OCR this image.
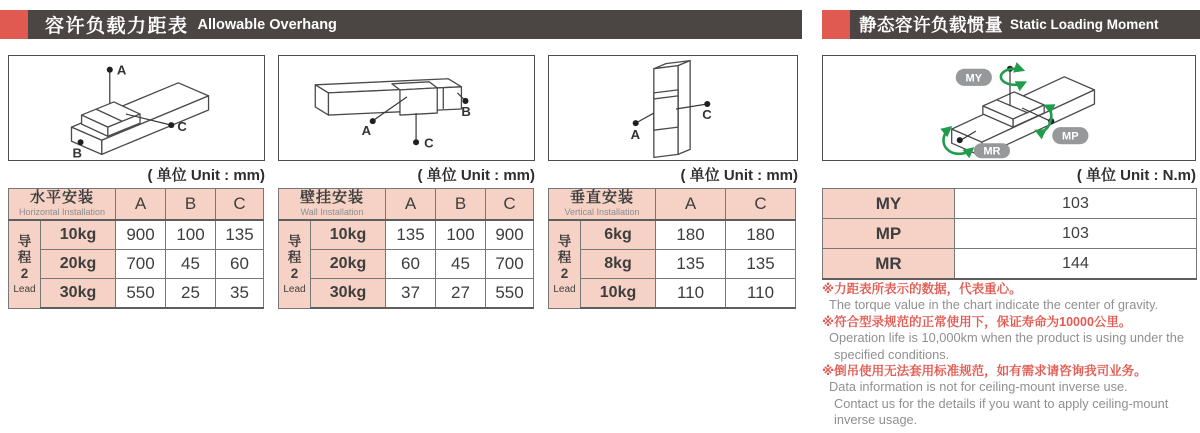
容许负载力距表 Allowable Overhang	静态容许负载惯量 Static Loading Moment
A
B
C	A
B
C
A
C
MY
MP
MR
( 单位 Unit : mm)	( 单位 Unit : mm)	( 单位 Unit : mm)	( 单位 Unit : N.m)
水平安装
Horizontal Installation		A	B	C

导程2
Lead	10kg	900	100	135
	20kg	700	45	60
	30kg	550	25	35
壁挂安装
Wall Installation		A	B	C

导程2
Lead	10kg	135	100	900
	20kg	60	45	700
	30kg	37	27	550
垂直安装
Vertical Installation		A	C

导程2
Lead	6kg	180	180
	8kg	135	135
	10kg	110	110
MY	103
MP	103
MR	144
※力距表所表示的数据，代表重心。
The torque value in the chart indicate the center of gravity.
※符合型录规范的正常使用下，保证寿命为10000公里。
Operation life is 10,000km when the product is using under the
specified conditions.
※倒吊使用无法套用标准规范，如有需求请咨询我司业务。
Data information is not for ceiling-mount inverse use.
Contact us for the details if you want to apply ceiling-mount
inverse usage.
